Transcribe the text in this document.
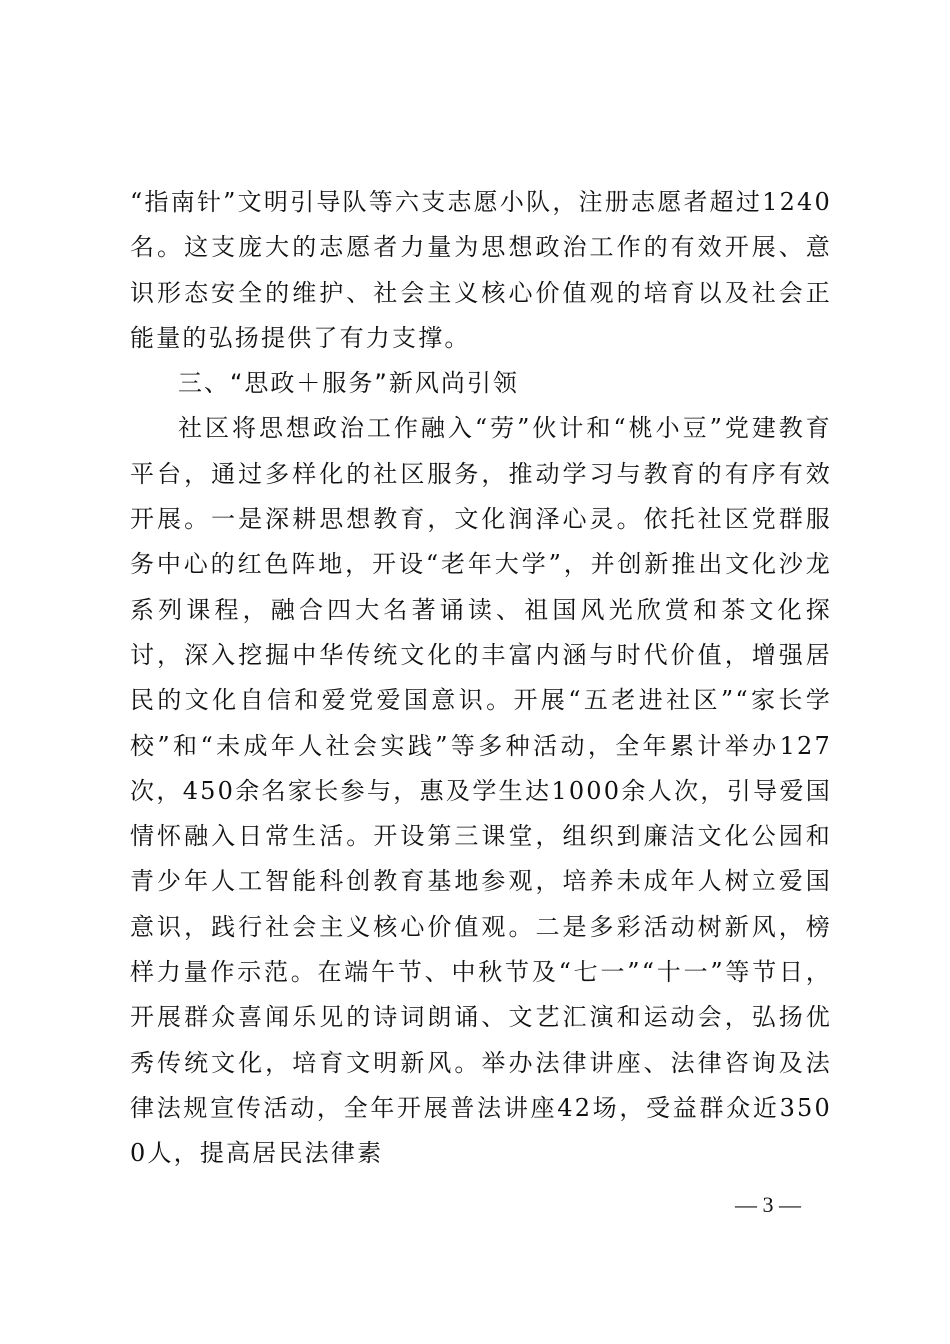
“指南针”文明引导队等六支志愿小队，注册志愿者超过1240名。这支庞大的志愿者力量为思想政治工作的有效开展、意识形态安全的维护、社会主义核心价值观的培育以及社会正能量的弘扬提供了有力支撑。

三、“思政＋服务”新风尚引领

社区将思想政治工作融入“劳”伙计和“桃小豆”党建教育平台，通过多样化的社区服务，推动学习与教育的有序有效开展。一是深耕思想教育，文化润泽心灵。依托社区党群服务中心的红色阵地，开设“老年大学”，并创新推出文化沙龙系列课程，融合四大名著诵读、祖国风光欣赏和茶文化探讨，深入挖掘中华传统文化的丰富内涵与时代价值，增强居民的文化自信和爱党爱国意识。开展“五老进社区”“家长学校”和“未成年人社会实践”等多种活动，全年累计举办127次，450余名家长参与，惠及学生达1000余人次，引导爱国情怀融入日常生活。开设第三课堂，组织到廉洁文化公园和青少年人工智能科创教育基地参观，培养未成年人树立爱国意识，践行社会主义核心价值观。二是多彩活动树新风，榜样力量作示范。在端午节、中秋节及“七一”“十一”等节日，开展群众喜闻乐见的诗词朗诵、文艺汇演和运动会，弘扬优秀传统文化，培育文明新风。举办法律讲座、法律咨询及法律法规宣传活动，全年开展普法讲座42场，受益群众近3500人，提高居民法律素

— 3 —
